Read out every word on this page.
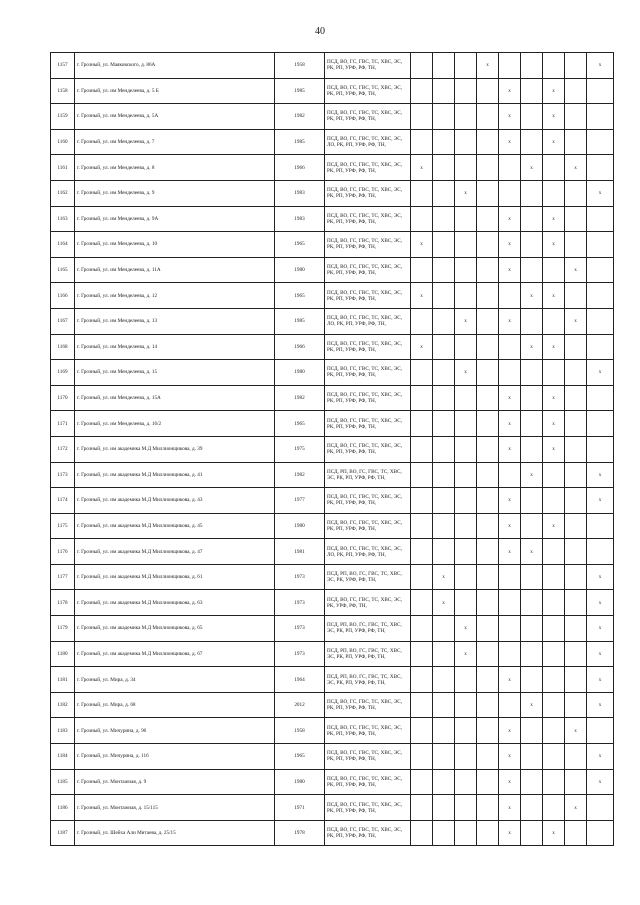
40
1157	г. Грозный, ул. Маяковского, д. 86А	1958	ПСД, ВО, ГС, ГВС, ТС, ХВС, ЭС, РК, РП, УРФ, РФ, ТН,				x					x
1158	г. Грозный, ул. им Менделеева, д. 5 Б	1985	ПСД, ВО, ГС, ГВС, ТС, ХВС, ЭС, РК, РП, УРФ, РФ, ТН,					x		x		
1159	г. Грозный, ул. им Менделеева, д. 5А	1982	ПСД, ВО, ГС, ГВС, ТС, ХВС, ЭС, РК, РП, УРФ, РФ, ТН,					x		x		
1160	г. Грозный, ул. им Менделеева, д. 7	1985	ПСД, ВО, ГС, ГВС, ТС, ХВС, ЭС, ЛО, РК, РП, УРФ, РФ, ТН,					x		x		
1161	г. Грозный, ул. им Менделеева, д. 8	1966	ПСД, ВО, ГС, ГВС, ТС, ХВС, ЭС, РК, РП, УРФ, РФ, ТН,	x					x		x	
1162	г. Грозный, ул. им Менделеева, д. 9	1983	ПСД, ВО, ГС, ГВС, ТС, ХВС, ЭС, РК, РП, УРФ, РФ, ТН,			x						x
1163	г. Грозный, ул. им Менделеева, д. 9А	1983	ПСД, ВО, ГС, ГВС, ТС, ХВС, ЭС, РК, РП, УРФ, РФ, ТН,					x		x		
1164	г. Грозный, ул. им Менделеева, д. 10	1965	ПСД, ВО, ГС, ГВС, ТС, ХВС, ЭС, РК, РП, УРФ, РФ, ТН,	x				x		x		
1165	г. Грозный, ул. им Менделеева, д. 11А	1980	ПСД, ВО, ГС, ГВС, ТС, ХВС, ЭС, РК, РП, УРФ, РФ, ТН,					x			x	
1166	г. Грозный, ул. им Менделеева, д. 12	1965	ПСД, ВО, ГС, ГВС, ТС, ХВС, ЭС, РК, РП, УРФ, РФ, ТН,	x					x	x		
1167	г. Грозный, ул. им Менделеева, д. 13	1985	ПСД, ВО, ГС, ГВС, ТС, ХВС, ЭС, ЛО, РК, РП, УРФ, РФ, ТН,			x		x			x	
1168	г. Грозный, ул. им Менделеева, д. 14	1966	ПСД, ВО, ГС, ГВС, ТС, ХВС, ЭС, РК, РП, УРФ, РФ, ТН,	x					x	x		
1169	г. Грозный, ул. им Менделеева, д. 15	1980	ПСД, ВО, ГС, ГВС, ТС, ХВС, ЭС, РК, РП, УРФ, РФ, ТН,			x						x
1170	г. Грозный, ул. им Менделеева, д. 15А	1982	ПСД, ВО, ГС, ГВС, ТС, ХВС, ЭС, РК, РП, УРФ, РФ, ТН,					x		x		
1171	г. Грозный, ул. им Менделеева, д. 16/2	1965	ПСД, ВО, ГС, ГВС, ТС, ХВС, ЭС, РК, РП, УРФ, РФ, ТН,					x		x		
1172	г. Грозный, ул. им академика М.Д Миллионщикова, д. 39	1975	ПСД, ВО, ГС, ГВС, ТС, ХВС, ЭС, РК, РП, УРФ, РФ, ТН,					x		x		
1173	г. Грозный, ул. им академика М.Д Миллионщикова, д. 41	1982	ПСД, РП, ВО, ГС, ГВС, ТС, ХВС, ЭС, РК, РП, УРФ, РФ, ТН,						x			x
1174	г. Грозный, ул. им академика М.Д Миллионщикова, д. 43	1977	ПСД, ВО, ГС, ГВС, ТС, ХВС, ЭС, РК, РП, УРФ, РФ, ТН,					x				x
1175	г. Грозный, ул. им академика М.Д Миллионщикова, д. 45	1980	ПСД, ВО, ГС, ГВС, ТС, ХВС, ЭС, РК, РП, УРФ, РФ, ТН,					x		x		
1176	г. Грозный, ул. им академика М.Д Миллионщикова, д. 47	1981	ПСД, ВО, ГС, ГВС, ТС, ХВС, ЭС, ЛО, РК, РП, УРФ, РФ, ТН,					x	x			
1177	г. Грозный, ул. им академика М.Д Миллионщикова, д. 61	1973	ПСД, РП, ВО, ГС, ГВС, ТС, ХВС, ЭС, РК, УРФ, РФ, ТН,		x							x
1178	г. Грозный, ул. им академика М.Д Миллионщикова, д. 63	1973	ПСД, ВО, ГС, ГВС, ТС, ХВС, ЭС, РК, УРФ, РФ, ТН,		x							x
1179	г. Грозный, ул. им академика М.Д Миллионщикова, д. 65	1973	ПСД, РП, ВО, ГС, ГВС, ТС, ХВС, ЭС, РК, РП, УРФ, РФ, ТН,			x						x
1180	г. Грозный, ул. им академика М.Д Миллионщикова, д. 67	1973	ПСД, РП, ВО, ГС, ГВС, ТС, ХВС, ЭС, РК, РП, УРФ, РФ, ТН,			x						x
1181	г. Грозный, ул. Мира, д. 34	1964	ПСД, РП, ВО, ГС, ГВС, ТС, ХВС, ЭС, РК, РП, УРФ, РФ, ТН,					x				x
1182	г. Грозный, ул. Мира, д. 68	2012	ПСД, ВО, ГС, ГВС, ТС, ХВС, ЭС, РК, РП, УРФ, РФ, ТН,						x			x
1183	г. Грозный, ул. Мичурина, д. 96	1958	ПСД, ВО, ГС, ГВС, ТС, ХВС, ЭС, РК, РП, УРФ, РФ, ТН,					x			x	
1184	г. Грозный, ул. Мичурина, д. 116	1965	ПСД, ВО, ГС, ГВС, ТС, ХВС, ЭС, РК, РП, УРФ, РФ, ТН,					x				x
1185	г. Грозный, ул. Монтажная, д. 9	1980	ПСД, ВО, ГС, ГВС, ТС, ХВС, ЭС, РК, РП, УРФ, РФ, ТН,					x				x
1186	г. Грозный, ул. Монтажная, д. 15/115	1971	ПСД, ВО, ГС, ГВС, ТС, ХВС, ЭС, РК, РП, УРФ, РФ, ТН,					x			x	
1187	г. Грозный, ул. Шейха Али Митаева, д. 25/15	1978	ПСД, ВО, ГС, ГВС, ТС, ХВС, ЭС, РК, РП, УРФ, РФ, ТН,					x		x		
